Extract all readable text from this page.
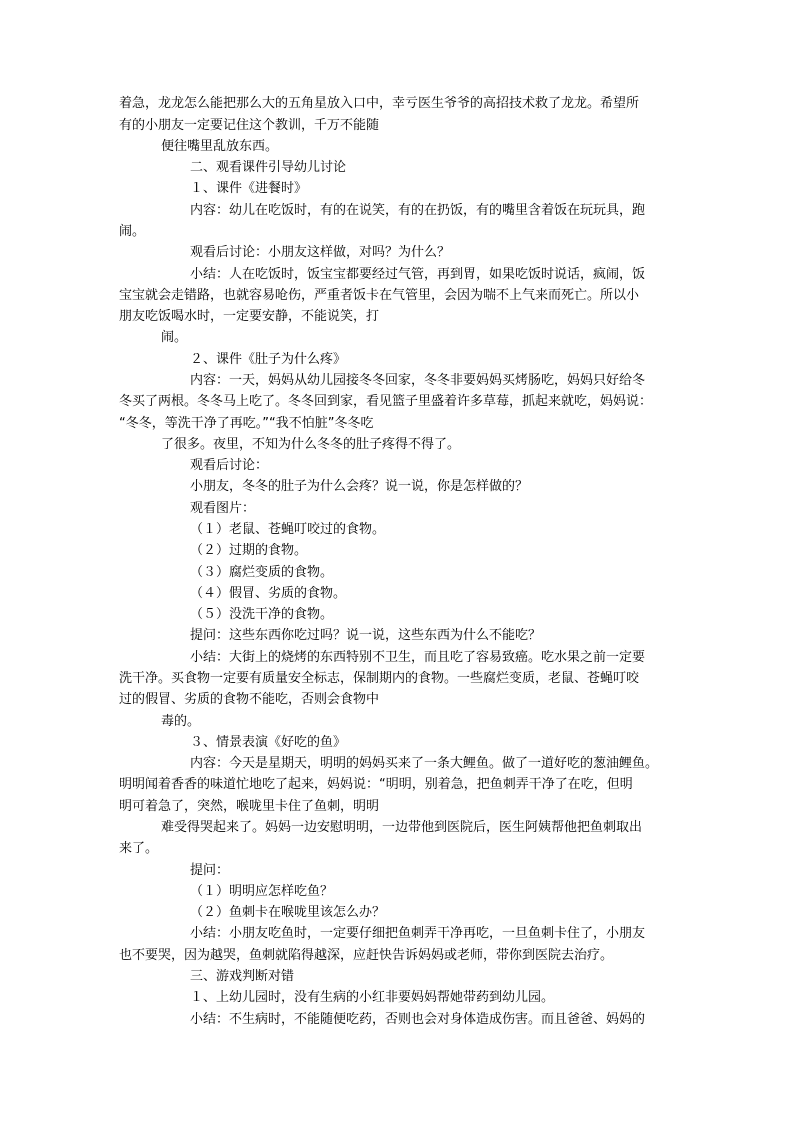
着急，龙龙怎么能把那么大的五角星放入口中，幸亏医生爷爷的高招技术救了龙龙。希望所
有的小朋友一定要记住这个教训，千万不能随
便往嘴里乱放东西。
二、观看课件引导幼儿讨论
１、课件《进餐时》
内容：幼儿在吃饭时，有的在说笑，有的在扔饭，有的嘴里含着饭在玩玩具，跑
闹。
观看后讨论：小朋友这样做，对吗？为什么？
小结：人在吃饭时，饭宝宝都要经过气管，再到胃，如果吃饭时说话，疯闹，饭
宝宝就会走错路，也就容易呛伤，严重者饭卡在气管里，会因为喘不上气来而死亡。所以小
朋友吃饭喝水时，一定要安静，不能说笑，打
闹。
２、课件《肚子为什么疼》
内容：一天，妈妈从幼儿园接冬冬回家，冬冬非要妈妈买烤肠吃，妈妈只好给冬
冬买了两根。冬冬马上吃了。冬冬回到家，看见篮子里盛着许多草莓，抓起来就吃，妈妈说：
“冬冬，等洗干净了再吃。”“我不怕脏”冬冬吃
了很多。夜里，不知为什么冬冬的肚子疼得不得了。
观看后讨论：
小朋友，冬冬的肚子为什么会疼？说一说，你是怎样做的？
观看图片：
（１）老鼠、苍蝇叮咬过的食物。
（２）过期的食物。
（３）腐烂变质的食物。
（４）假冒、劣质的食物。
（５）没洗干净的食物。
提问：这些东西你吃过吗？说一说，这些东西为什么不能吃？
小结：大街上的烧烤的东西特别不卫生，而且吃了容易致癌。吃水果之前一定要
洗干净。买食物一定要有质量安全标志，保制期内的食物。一些腐烂变质，老鼠、苍蝇叮咬
过的假冒、劣质的食物不能吃，否则会食物中
毒的。
３、情景表演《好吃的鱼》
内容：今天是星期天，明明的妈妈买来了一条大鲤鱼。做了一道好吃的葱油鲤鱼。
明明闻着香香的味道忙地吃了起来，妈妈说：“明明，别着急，把鱼刺弄干净了在吃，但明
明可着急了，突然，喉咙里卡住了鱼刺，明明
难受得哭起来了。妈妈一边安慰明明，一边带他到医院后，医生阿姨帮他把鱼刺取出
来了。
提问：
（１）明明应怎样吃鱼？
（２）鱼刺卡在喉咙里该怎么办？
小结：小朋友吃鱼时，一定要仔细把鱼刺弄干净再吃，一旦鱼刺卡住了，小朋友
也不要哭，因为越哭，鱼刺就陷得越深，应赶快告诉妈妈或老师，带你到医院去治疗。
三、游戏判断对错
１、上幼儿园时，没有生病的小红非要妈妈帮她带药到幼儿园。
小结：不生病时，不能随便吃药，否则也会对身体造成伤害。而且爸爸、妈妈的
